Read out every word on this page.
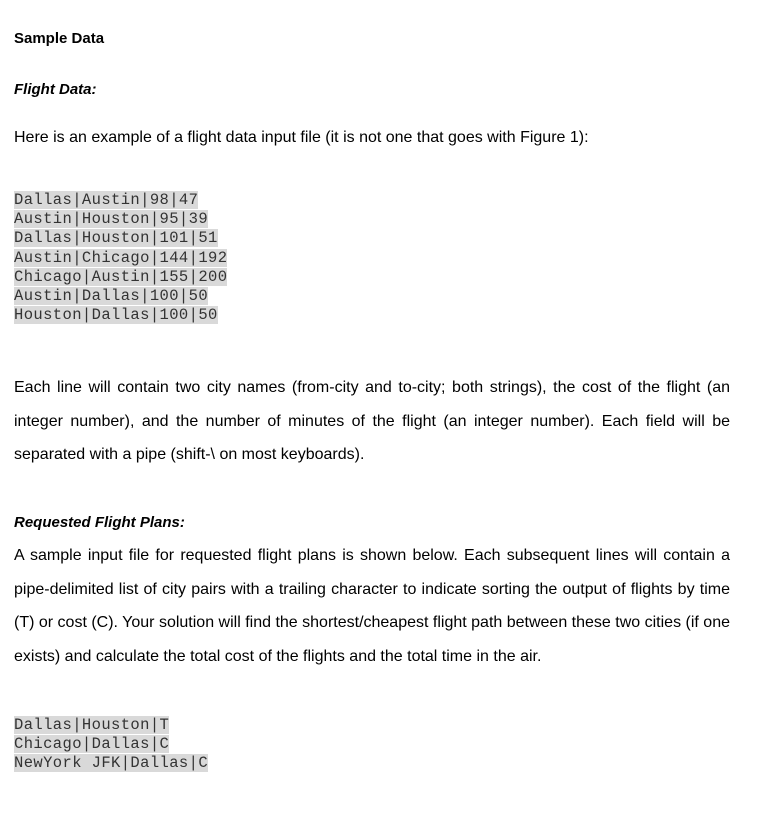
Sample Data
Flight Data:
Here is an example of a flight data input file (it is not one that goes with Figure 1):
Dallas|Austin|98|47
Austin|Houston|95|39
Dallas|Houston|101|51
Austin|Chicago|144|192
Chicago|Austin|155|200
Austin|Dallas|100|50
Houston|Dallas|100|50
Each line will contain two city names (from-city and to-city; both strings), the cost of the flight (an integer number), and the number of minutes of the flight (an integer number). Each field will be separated with a pipe (shift-\ on most keyboards).
Requested Flight Plans:
A sample input file for requested flight plans is shown below. Each subsequent lines will contain a pipe-delimited list of city pairs with a trailing character to indicate sorting the output of flights by time (T) or cost (C). Your solution will find the shortest/cheapest flight path between these two cities (if one exists) and calculate the total cost of the flights and the total time in the air.
Dallas|Houston|T
Chicago|Dallas|C
NewYork JFK|Dallas|C
